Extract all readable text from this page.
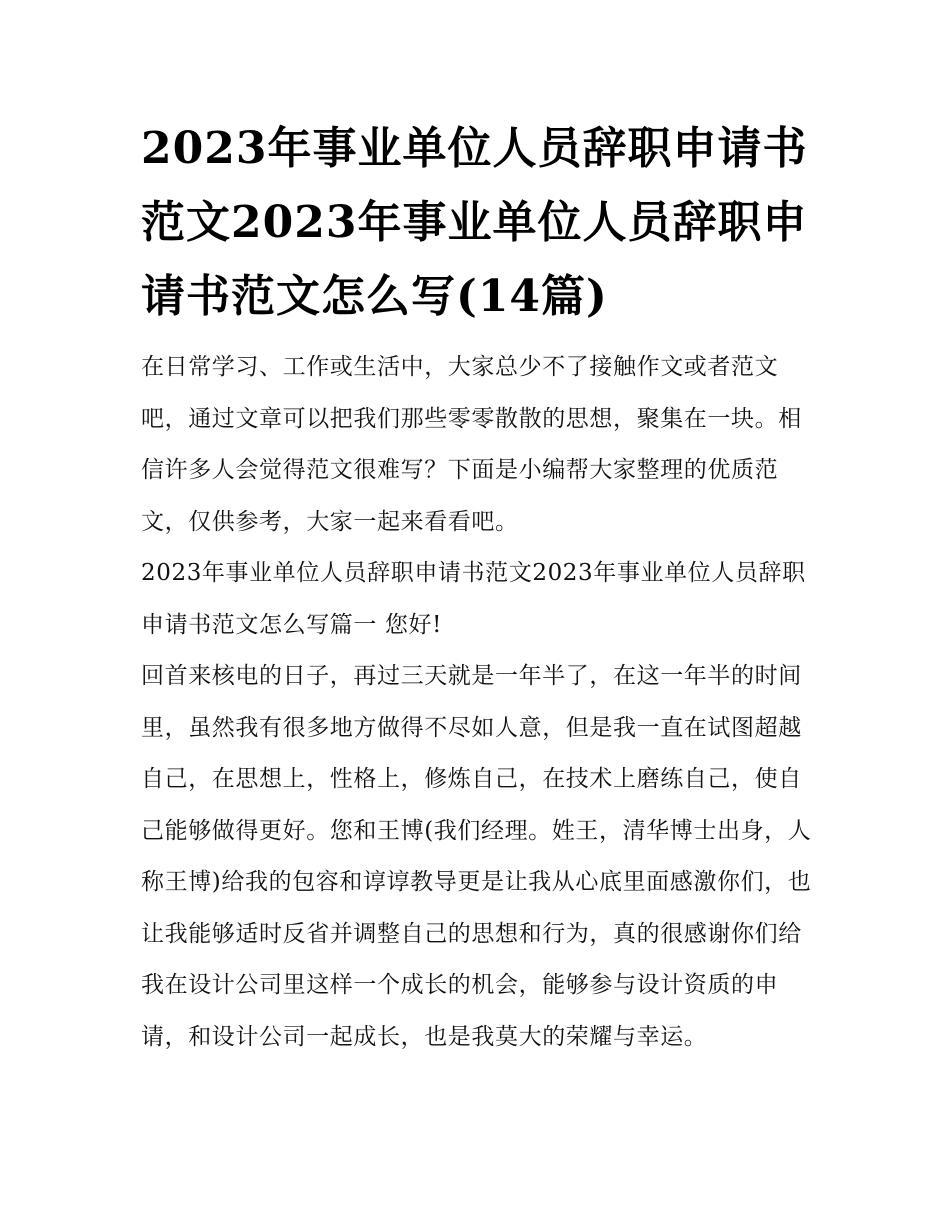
2023年事业单位人员辞职申请书范文2023年事业单位人员辞职申请书范文怎么写(14篇)

在日常学习、工作或生活中，大家总少不了接触作文或者范文吧，通过文章可以把我们那些零零散散的思想，聚集在一块。相信许多人会觉得范文很难写？下面是小编帮大家整理的优质范文，仅供参考，大家一起来看看吧。

2023年事业单位人员辞职申请书范文2023年事业单位人员辞职申请书范文怎么写篇一 您好!

回首来核电的日子，再过三天就是一年半了，在这一年半的时间里，虽然我有很多地方做得不尽如人意，但是我一直在试图超越自己，在思想上，性格上，修炼自己，在技术上磨练自己，使自己能够做得更好。您和王博(我们经理。姓王，清华博士出身，人称王博)给我的包容和谆谆教导更是让我从心底里面感激你们，也让我能够适时反省并调整自己的思想和行为，真的很感谢你们给我在设计公司里这样一个成长的机会，能够参与设计资质的申请，和设计公司一起成长，也是我莫大的荣耀与幸运。
